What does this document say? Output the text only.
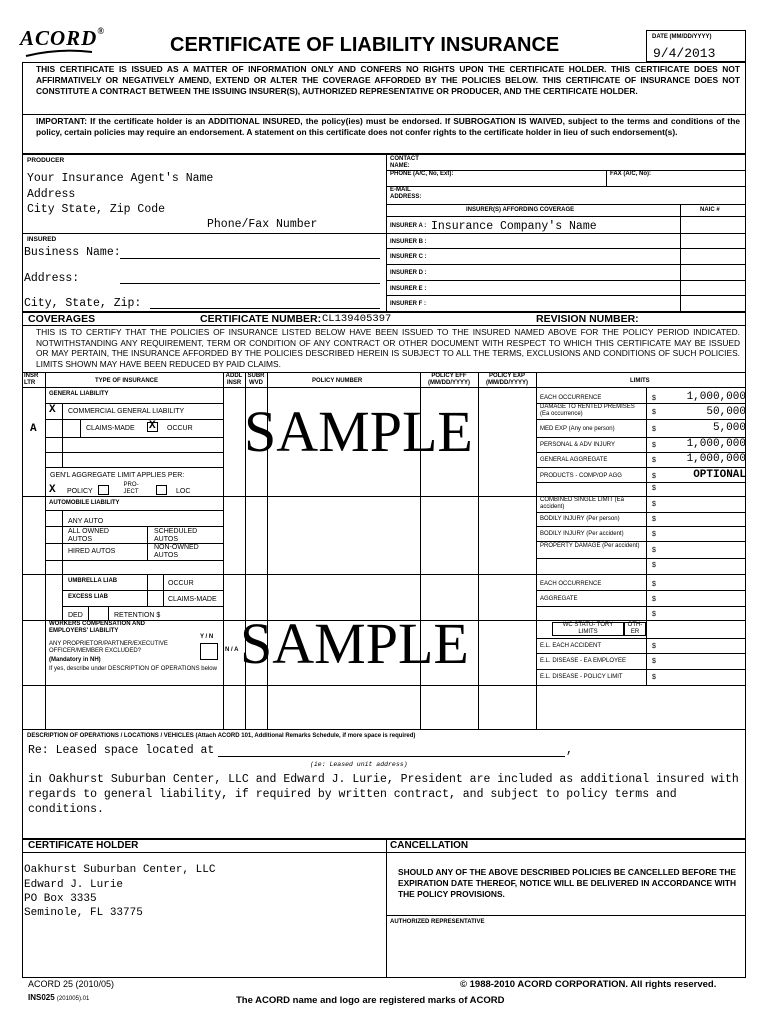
ACORD®
CERTIFICATE OF LIABILITY INSURANCE	DATE (MM/DD/YYYY)
9/4/2013
THIS CERTIFICATE IS ISSUED AS A MATTER OF INFORMATION ONLY AND CONFERS NO RIGHTS UPON THE CERTIFICATE HOLDER. THIS CERTIFICATE DOES NOT AFFIRMATIVELY OR NEGATIVELY AMEND, EXTEND OR ALTER THE COVERAGE AFFORDED BY THE POLICIES BELOW. THIS CERTIFICATE OF INSURANCE DOES NOT CONSTITUTE A CONTRACT BETWEEN THE ISSUING INSURER(S), AUTHORIZED REPRESENTATIVE OR PRODUCER, AND THE CERTIFICATE HOLDER.
IMPORTANT: If the certificate holder is an ADDITIONAL INSURED, the policy(ies) must be endorsed. If SUBROGATION IS WAIVED, subject to the terms and conditions of the policy, certain policies may require an endorsement. A statement on this certificate does not confer rights to the certificate holder in lieu of such endorsement(s).
PRODUCER
Your Insurance Agent's Name
Address
City State, Zip Code
Phone/Fax Number
CONTACT NAME:
PHONE (A/C, No, Ext):	FAX (A/C, No):
E-MAIL ADDRESS:
INSURER(S) AFFORDING COVERAGE	NAIC #
INSURER A : Insurance Company's Name
INSURER B :
INSURER C :
INSURER D :
INSURER E :
INSURER F :
INSURED
Business Name:
Address:
City, State, Zip:
COVERAGES	CERTIFICATE NUMBER: CL139405397	REVISION NUMBER:
THIS IS TO CERTIFY THAT THE POLICIES OF INSURANCE LISTED BELOW HAVE BEEN ISSUED TO THE INSURED NAMED ABOVE FOR THE POLICY PERIOD INDICATED. NOTWITHSTANDING ANY REQUIREMENT, TERM OR CONDITION OF ANY CONTRACT OR OTHER DOCUMENT WITH RESPECT TO WHICH THIS CERTIFICATE MAY BE ISSUED OR MAY PERTAIN, THE INSURANCE AFFORDED BY THE POLICIES DESCRIBED HEREIN IS SUBJECT TO ALL THE TERMS, EXCLUSIONS AND CONDITIONS OF SUCH POLICIES. LIMITS SHOWN MAY HAVE BEEN REDUCED BY PAID CLAIMS.
INSR LTR	TYPE OF INSURANCE
ADDL INSR
SUBR WVD	POLICY NUMBER
POLICY EFF (MM/DD/YYYY)
POLICY EXP (MM/DD/YYYY)	LIMITS
GENERAL LIABILITY
A
X COMMERCIAL GENERAL LIABILITY
CLAIMS-MADE X OCCUR
GEN'L AGGREGATE LIMIT APPLIES PER:
X POLICY
PRO- JECT	LOC
SAMPLE
EACH OCCURRENCE	$	1,000,000
DAMAGE TO RENTED PREMISES (Ea occurrence)	$	50,000
MED EXP (Any one person)	$	5,000
PERSONAL & ADV INJURY	$	1,000,000
GENERAL AGGREGATE	$	1,000,000
PRODUCTS - COMP/OP AGG	$	OPTIONAL
$
AUTOMOBILE LIABILITY
ANY AUTO
ALL OWNED AUTOS
SCHEDULED AUTOS
HIRED AUTOS
NON-OWNED AUTOS
COMBINED SINGLE LIMIT (Ea accident)	$
BODILY INJURY (Per person)	$
BODILY INJURY (Per accident)	$
PROPERTY DAMAGE (Per accident)
$
$
UMBRELLA LIAB	OCCUR
EXCESS LIAB	CLAIMS-MADE
DED	RETENTION $
EACH OCCURRENCE	$
AGGREGATE	$
$
WORKERS COMPENSATION AND EMPLOYERS' LIABILITY
Y / N
ANY PROPRIETOR/PARTNER/EXECUTIVE OFFICER/MEMBER EXCLUDED?
(Mandatory in NH)
If yes, describe under DESCRIPTION OF OPERATIONS below
N / A SAMPLE	WC STATU- TORY LIMITS
OTH- ER
E.L. EACH ACCIDENT	$
E.L. DISEASE - EA EMPLOYEE	$
E.L. DISEASE - POLICY LIMIT	$
DESCRIPTION OF OPERATIONS / LOCATIONS / VEHICLES (Attach ACORD 101, Additional Remarks Schedule, if more space is required)
Re: Leased space located at	,
(ie: Leased unit address)
in Oakhurst Suburban Center, LLC and Edward J. Lurie, President are included as additional insured with regards to general liability, if required by written contract, and subject to policy terms and conditions.
CERTIFICATE HOLDER	CANCELLATION
Oakhurst Suburban Center, LLC
Edward J. Lurie
PO Box 3335
Seminole, FL 33775
SHOULD ANY OF THE ABOVE DESCRIBED POLICIES BE CANCELLED BEFORE THE EXPIRATION DATE THEREOF, NOTICE WILL BE DELIVERED IN ACCORDANCE WITH THE POLICY PROVISIONS.
AUTHORIZED REPRESENTATIVE
ACORD 25 (2010/05)	© 1988-2010 ACORD CORPORATION. All rights reserved.
INS025 (201005).01	The ACORD name and logo are registered marks of ACORD
